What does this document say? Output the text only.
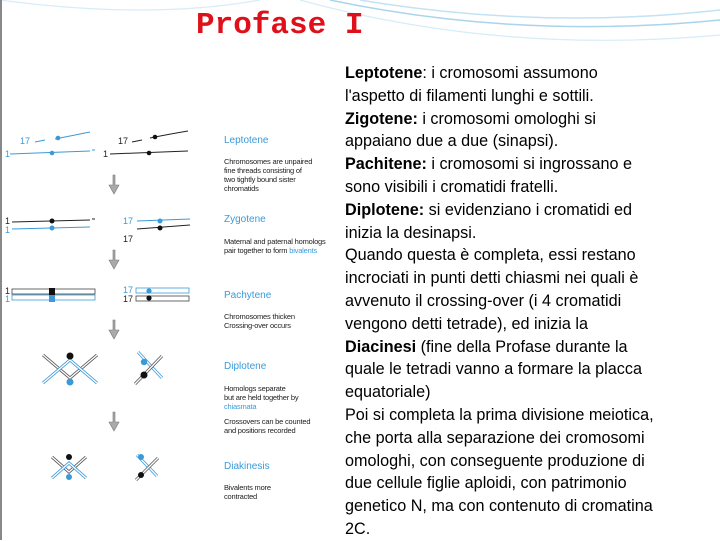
Profase I
17
1
17
1
1
1
17
17
1
1
17
17
Leptotene
Chromosomes are unpaired
fine threads consisting of
two tightly bound sister
chromatids
Zygotene
Maternal and paternal homologs
pair together to form bivalents
Pachytene
Chromosomes thicken
Crossing-over occurs
Diplotene
Homologs separate
but are held together by
chiasmata
Crossovers can be counted
and positions recorded
Diakinesis
Bivalents more
contracted
Leptotene: i cromosomi assumono
l'aspetto di filamenti lunghi e sottili.
Zigotene: i cromosomi omologhi si
appaiano due a due (sinapsi).
Pachitene: i cromosomi si ingrossano e
sono visibili i cromatidi fratelli.
Diplotene: si evidenziano i cromatidi ed
inizia la desinapsi.
Quando questa è completa, essi restano
incrociati in punti detti chiasmi nei quali è
avvenuto il crossing-over (i 4 cromatidi
vengono detti tetrade), ed inizia la
Diacinesi (fine della Profase durante la
quale le tetradi vanno a formare la placca
equatoriale)
Poi si completa la prima divisione meiotica,
che porta alla separazione dei cromosomi
omologhi, con conseguente produzione di
due cellule figlie aploidi, con patrimonio
genetico N, ma con contenuto di cromatina
2C.
